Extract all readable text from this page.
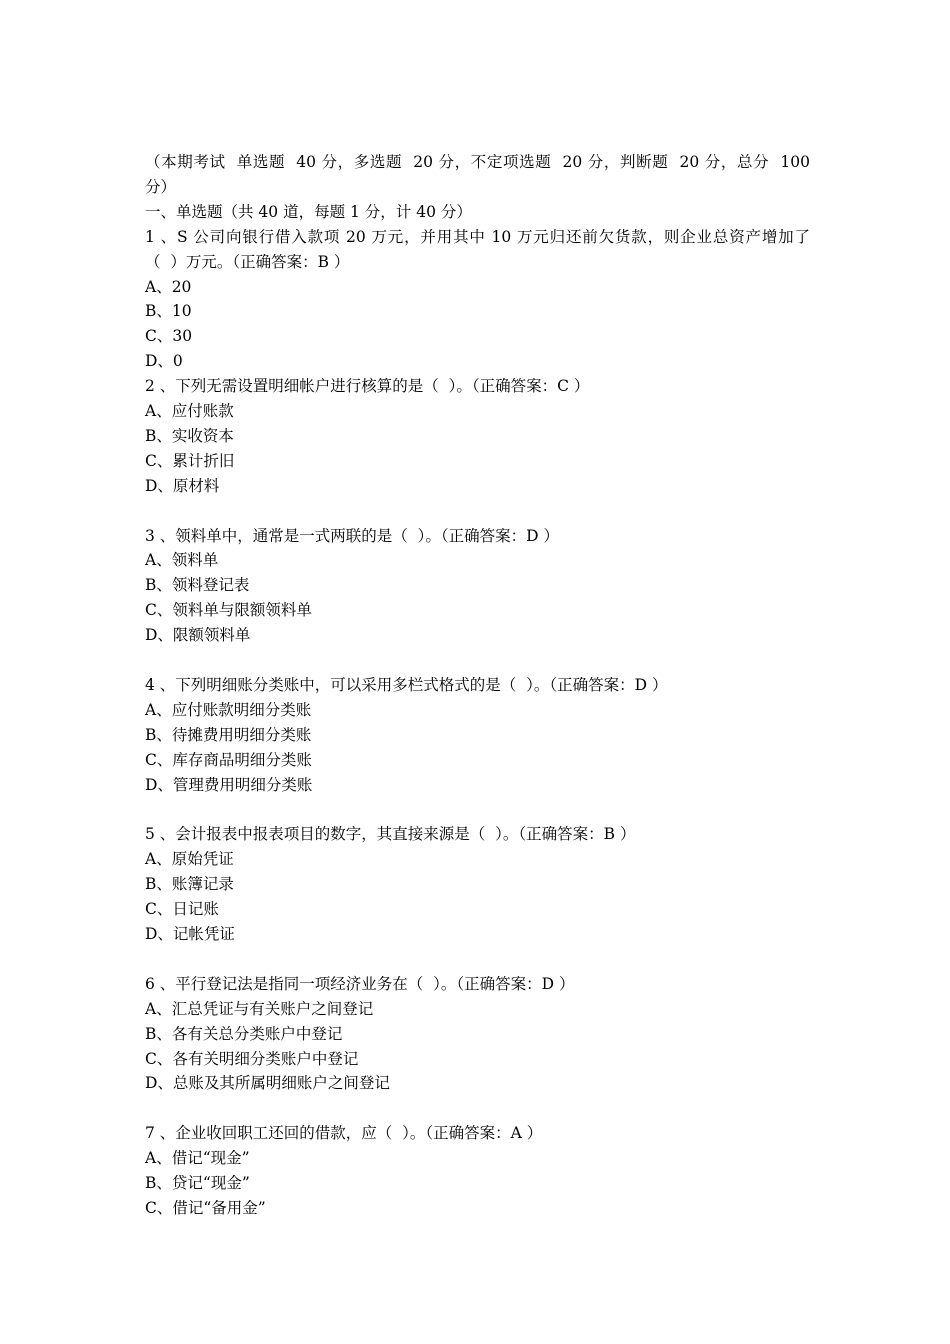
（本期考试  单选题  40 分，多选题  20 分，不定项选题  20 分，判断题  20 分，总分  100

分）

一、单选题（共 40 道，每题 1 分，计 40 分）

1 、S 公司向银行借入款项 20 万元，并用其中 10 万元归还前欠货款，则企业总资产增加了

（  ）万元。（正确答案：B ）

A、20

B、10

C、30

D、0

2 、下列无需设置明细帐户进行核算的是（  ）。（正确答案：C ）

A、应付账款

B、实收资本

C、累计折旧

D、原材料

3 、领料单中，通常是一式两联的是（  ）。（正确答案：D ）

A、领料单

B、领料登记表

C、领料单与限额领料单

D、限额领料单

4 、下列明细账分类账中，可以采用多栏式格式的是（  ）。（正确答案：D ）

A、应付账款明细分类账

B、待摊费用明细分类账

C、库存商品明细分类账

D、管理费用明细分类账

5 、会计报表中报表项目的数字，其直接来源是（  ）。（正确答案：B ）

A、原始凭证

B、账簿记录

C、日记账

D、记帐凭证

6 、平行登记法是指同一项经济业务在（  ）。（正确答案：D ）

A、汇总凭证与有关账户之间登记

B、各有关总分类账户中登记

C、各有关明细分类账户中登记

D、总账及其所属明细账户之间登记

7 、企业收回职工还回的借款，应（  ）。（正确答案：A ）

A、借记“现金”

B、贷记“现金”

C、借记“备用金”
